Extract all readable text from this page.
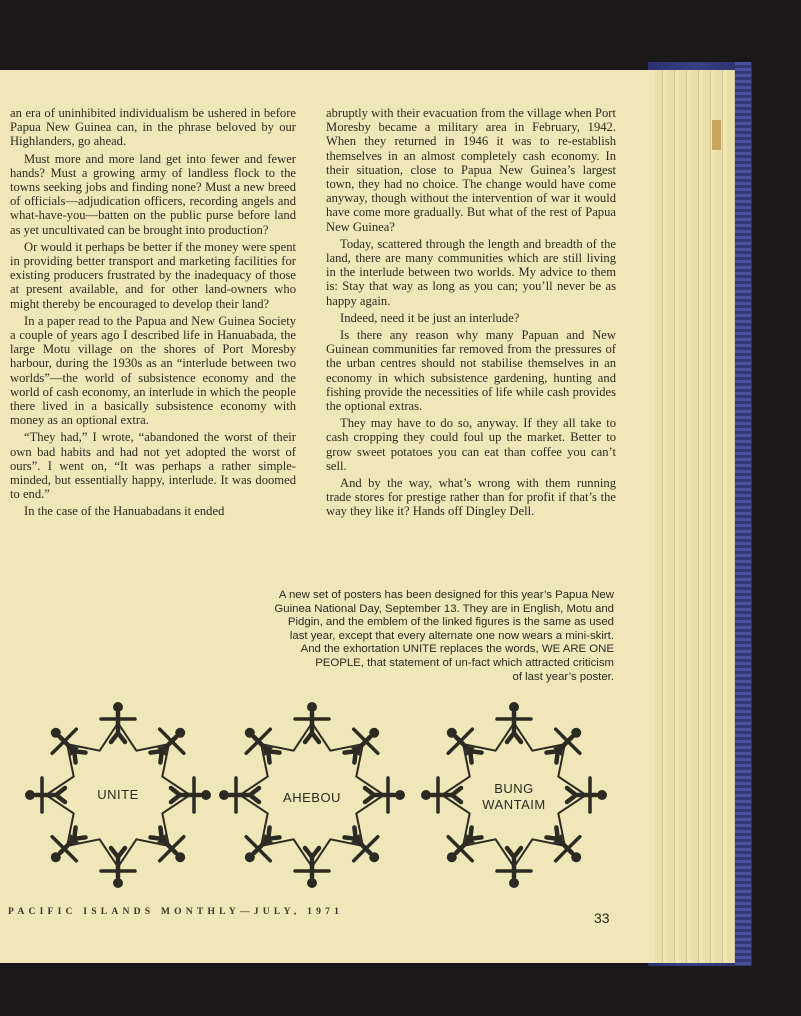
an era of uninhibited individualism be ushered in before Papua New Guinea can, in the phrase beloved by our Highlanders, go ahead.

Must more and more land get into fewer and fewer hands? Must a growing army of landless flock to the towns seeking jobs and finding none? Must a new breed of officials—adjudication officers, recording angels and what-have-you—batten on the public purse before land as yet uncultivated can be brought into production?

Or would it perhaps be better if the money were spent in providing better transport and marketing facilities for existing producers frustrated by the inadequacy of those at present available, and for other land-owners who might thereby be encouraged to develop their land?

In a paper read to the Papua and New Guinea Society a couple of years ago I described life in Hanuabada, the large Motu village on the shores of Port Moresby harbour, during the 1930s as an “interlude between two worlds”—the world of subsistence economy and the world of cash economy, an interlude in which the people there lived in a basically subsistence economy with money as an optional extra.

“They had,” I wrote, “abandoned the worst of their own bad habits and had not yet adopted the worst of ours”. I went on, “It was perhaps a rather simple-minded, but essentially happy, interlude. It was doomed to end.”

In the case of the Hanuabadans it ended

abruptly with their evacuation from the village when Port Moresby became a military area in February, 1942. When they returned in 1946 it was to re-establish themselves in an almost completely cash economy. In their situation, close to Papua New Guinea’s largest town, they had no choice. The change would have come anyway, though without the intervention of war it would have come more gradually. But what of the rest of Papua New Guinea?

Today, scattered through the length and breadth of the land, there are many communities which are still living in the interlude between two worlds. My advice to them is: Stay that way as long as you can; you’ll never be as happy again.

Indeed, need it be just an interlude?

Is there any reason why many Papuan and New Guinean communities far removed from the pressures of the urban centres should not stabilise themselves in an economy in which subsistence gardening, hunting and fishing provide the necessities of life while cash provides the optional extras.

They may have to do so, anyway. If they all take to cash cropping they could foul up the market. Better to grow sweet potatoes you can eat than coffee you can’t sell.

And by the way, what’s wrong with them running trade stores for prestige rather than for profit if that’s the way they like it? Hands off Dingley Dell.

A new set of posters has been designed for this year’s Papua New
Guinea National Day, September 13. They are in English, Motu and
Pidgin, and the emblem of the linked figures is the same as used
last year, except that every alternate one now wears a mini-skirt.
And the exhortation UNITE replaces the words, WE ARE ONE
PEOPLE, that statement of un-fact which attracted criticism
of last year’s poster.
UNITE	AHEBOU
BUNG
WANTAIM
PACIFIC ISLANDS MONTHLY—JULY, 1971	33
